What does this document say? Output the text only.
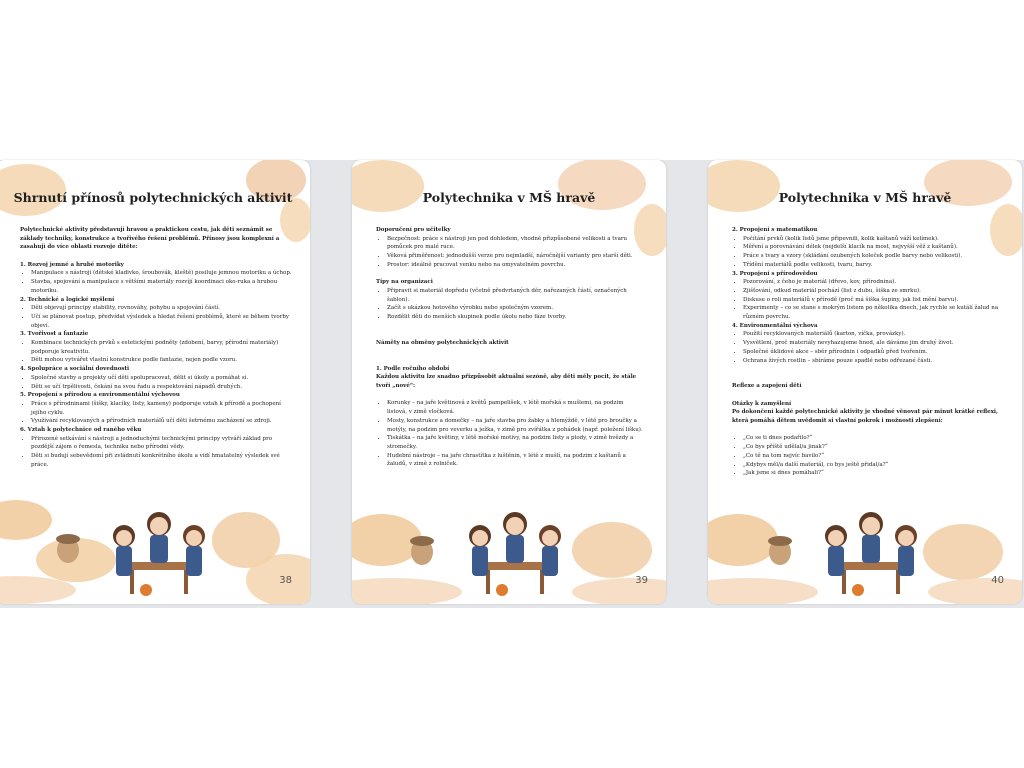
Shrnutí přínosů polytechnických aktivit

Polytechnické aktivity představují hravou a praktickou cestu, jak děti seznámit se základy techniky, konstrukce a tvořivého řešení problémů. Přinosy jsou komplexní a zasahují do více oblastí rozvoje dítěte:

1. Rozvoj jemné a hrubé motoriky

• Manipulace s nástroji (dětské kladivko, šroubovák, kleště) posiluje jemnou motoriku a úchop.
• Stavba, spojování a manipulace s většími materiály rozvíjí koordinaci oko-ruka a hrubou motoriku.

2. Technické a logické myšlení

• Děti objevují principy stability, rovnováhy, pohybu a spojování částí.
• Učí se plánovat postup, předvídat výsledek a hledat řešení problémů, které se během tvorby objeví.

3. Tvořivost a fantazie

• Kombinace technických prvků s estetickými podněty (zdobení, barvy, přírodní materiály) podporuje kreativitu.
• Děti mohou vytvářet vlastní konstrukce podle fantazie, nejen podle vzoru.

4. Spolupráce a sociální dovednosti

• Společné stavby a projekty učí děti spolupracovat, dělit si úkoly a pomáhat si.
• Děti se učí trpělivosti, čekání na svou řadu a respektování nápadů druhých.

5. Propojení s přírodou a environmentální výchovou

• Práce s přírodninami (šišky, klacíky, listy, kameny) podporuje vztah k přírodě a pochopení jejího cyklu.
• Využívání recyklovaných a přírodních materiálů učí děti šetrnému zacházení se zdroji.

6. Vztah k polytechnice od raného věku

• Přirozené setkávání s nástroji a jednoduchými technickými principy vytváří základ pro pozdější zájem o řemesla, techniku nebo přírodní vědy.
• Děti si budují sebevědomí při zvládnutí konkrétního úkolu a vidí hmatatelný výsledek své práce.
38
Polytechnika v MŠ hravě

Doporučení pro učitelky

• Bezpečnost: práce s nástroji jen pod dohledem, vhodně přizpůsobené velikosti a tvaru pomůcek pro malé ruce.
• Věková přiměřenost: jednodušší verze pro nejmladší, náročnější varianty pro starší děti.
• Prostor: ideálně pracovat venku nebo na omyvatelném povrchu.

Tipy na organizaci

• Připravit si materiál dopředu (včetně předvrtaných děr, nařezaných částí, označených šablon).
• Začít s ukázkou hotového výrobku nebo společným vzorem.
• Rozdělit děti do menších skupinek podle úkolu nebo fáze tvorby.

Náměty na obměny polytechnických aktivit

1. Podle ročního období

Každou aktivitu lze snadno přizpůsobit aktuální sezóně, aby děti měly pocit, že stále tvoří „nové“:

• Korunky – na jaře květinová z květů pampelišek, v létě mořská s mušlemi, na podzim listová, v zimě vločková.
• Mosty, konstrukce a domečky – na jaře stavba pro žabky a hlemýždě, v létě pro broučky a motýly, na podzim pro veverku a ježka, v zimě pro zvířátka z pohádek (např. poležení lišku).
• Tiskátka – na jaře květiny, v létě mořské motivy, na podzim listy a plody, v zimě hvězdy a stromečky.
• Hudební nástroje – na jaře chrastítka z luštěnin, v létě z mušlí, na podzim z kaštanů a žaludů, v zimě z rolniček.
39
Polytechnika v MŠ hravě

2. Propojení s matematikou

• Počítání prvků (kolik listů jsme připevnili, kolik kaštanů váží kelímek).
• Měření a porovnávání délek (nejdelší klacík na most, nejvyšší věž z kaštanů).
• Práce s tvary a vzory (skládání ozubených koleček podle barvy nebo velikosti).
• Třídění materiálů podle velikosti, tvaru, barvy.

3. Propojení s přírodovědou

• Pozorování, z čeho je materiál (dřevo, kov, přírodnina).
• Zjišťování, odkud materiál pochází (list z dubu, šiška ze smrku).
• Diskuse o roli materiálů v přírodě (proč má šiška šupiny, jak list mění barvu).
• Experimenty – co se stane s mokrým listem po několika dnech, jak rychle se kutálí žalud na různém povrchu.

4. Environmentální výchova

• Použití recyklovaných materiálů (karton, víčka, provázky).
• Vysvětlení, proč materiály nevyhazujeme hned, ale dáváme jim druhý život.
• Společné úklidové akce – sběr přírodnin i odpadků před tvořením.
• Ochrana živých rostlin – sbíráme pouze spadlé nebo odřezané části.

Reflexe a zapojení dětí

Otázky k zamyšlení

Po dokončení každé polytechnické aktivity je vhodné věnovat pár minut krátké reflexi, která pomáhá dětem uvědomit si vlastní pokrok i možnosti zlepšení:

• „Co se ti dnes podařilo?“
• „Co bys příště udělal/a jinak?“
• „Co tě na tom nejvíc bavilo?“
• „Kdybys měl/a další materiál, co bys ještě přidal/a?“
• „Jak jsme si dnes pomáhali?“
40
